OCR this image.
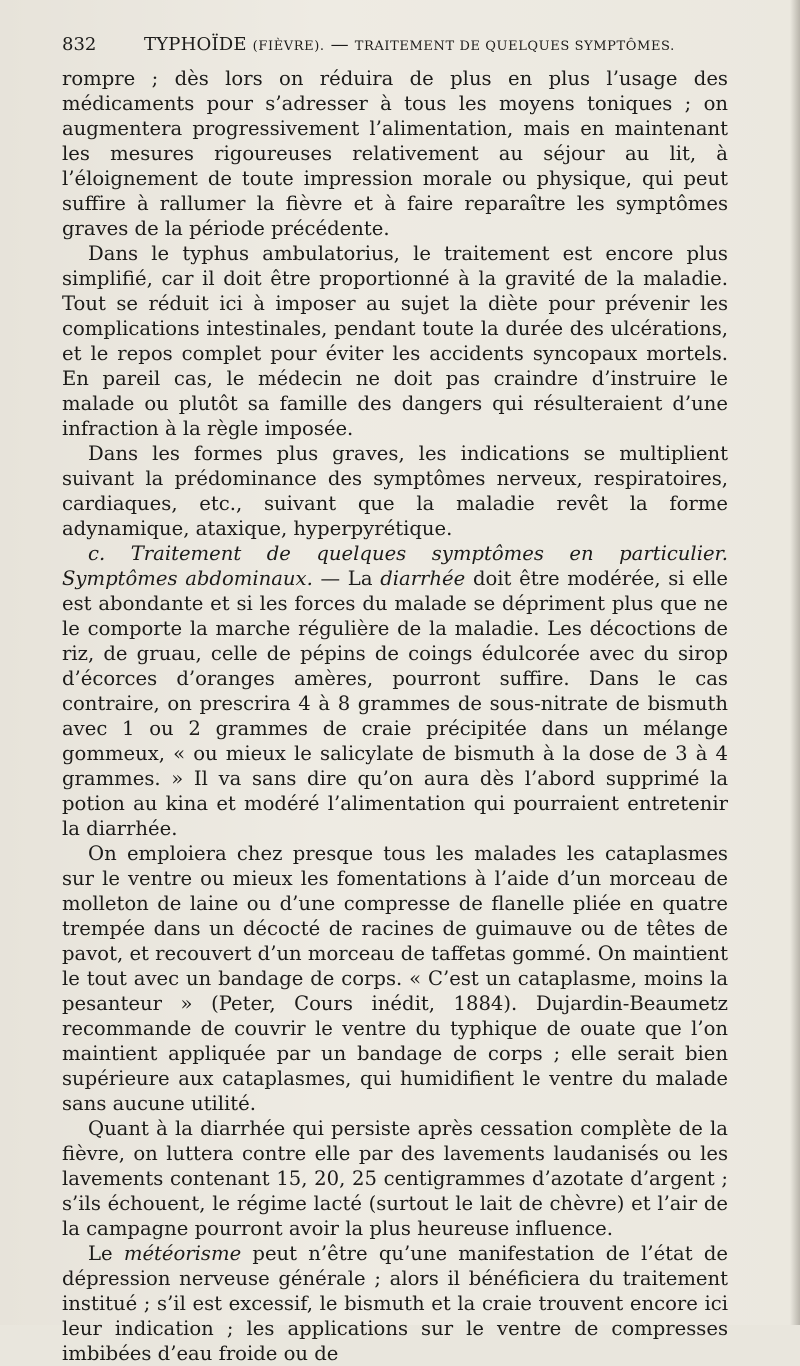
832	TYPHOÏDE (FIÈVRE). — TRAITEMENT DE QUELQUES SYMPTÔMES.

rompre ; dès lors on réduira de plus en plus l’usage des médicaments pour s’adresser à tous les moyens toniques ; on augmentera progressivement l’alimentation, mais en maintenant les mesures rigoureuses relativement au séjour au lit, à l’éloignement de toute impression morale ou physique, qui peut suffire à rallumer la fièvre et à faire reparaître les symptômes graves de la période précédente.

Dans le typhus ambulatorius, le traitement est encore plus simplifié, car il doit être proportionné à la gravité de la maladie. Tout se réduit ici à imposer au sujet la diète pour prévenir les complications intestinales, pendant toute la durée des ulcérations, et le repos complet pour éviter les accidents syncopaux mortels. En pareil cas, le médecin ne doit pas craindre d’instruire le malade ou plutôt sa famille des dangers qui résulteraient d’une infraction à la règle imposée.

Dans les formes plus graves, les indications se multiplient suivant la prédominance des symptômes nerveux, respiratoires, cardiaques, etc., suivant que la maladie revêt la forme adynamique, ataxique, hyperpyrétique.

c. Traitement de quelques symptômes en particulier. Symptômes abdominaux. — La diarrhée doit être modérée, si elle est abondante et si les forces du malade se dépriment plus que ne le comporte la marche régulière de la maladie. Les décoctions de riz, de gruau, celle de pépins de coings édulcorée avec du sirop d’écorces d’oranges amères, pourront suffire. Dans le cas contraire, on prescrira 4 à 8 grammes de sous-nitrate de bismuth avec 1 ou 2 grammes de craie précipitée dans un mélange gommeux, « ou mieux le salicylate de bismuth à la dose de 3 à 4 grammes. » Il va sans dire qu’on aura dès l’abord supprimé la potion au kina et modéré l’alimentation qui pourraient entretenir la diarrhée.

On emploiera chez presque tous les malades les cataplasmes sur le ventre ou mieux les fomentations à l’aide d’un morceau de molleton de laine ou d’une compresse de flanelle pliée en quatre trempée dans un décocté de racines de guimauve ou de têtes de pavot, et recouvert d’un morceau de taffetas gommé. On maintient le tout avec un bandage de corps. « C’est un cataplasme, moins la pesanteur » (Peter, Cours inédit, 1884). Dujardin-Beaumetz recommande de couvrir le ventre du typhique de ouate que l’on maintient appliquée par un bandage de corps ; elle serait bien supérieure aux cataplasmes, qui humidifient le ventre du malade sans aucune utilité.

Quant à la diarrhée qui persiste après cessation complète de la fièvre, on luttera contre elle par des lavements laudanisés ou les lavements contenant 15, 20, 25 centigrammes d’azotate d’argent ; s’ils échouent, le régime lacté (surtout le lait de chèvre) et l’air de la campagne pourront avoir la plus heureuse influence.

Le météorisme peut n’être qu’une manifestation de l’état de dépression nerveuse générale ; alors il bénéficiera du traitement institué ; s’il est excessif, le bismuth et la craie trouvent encore ici leur indication ; les applications sur le ventre de compresses imbibées d’eau froide ou de
